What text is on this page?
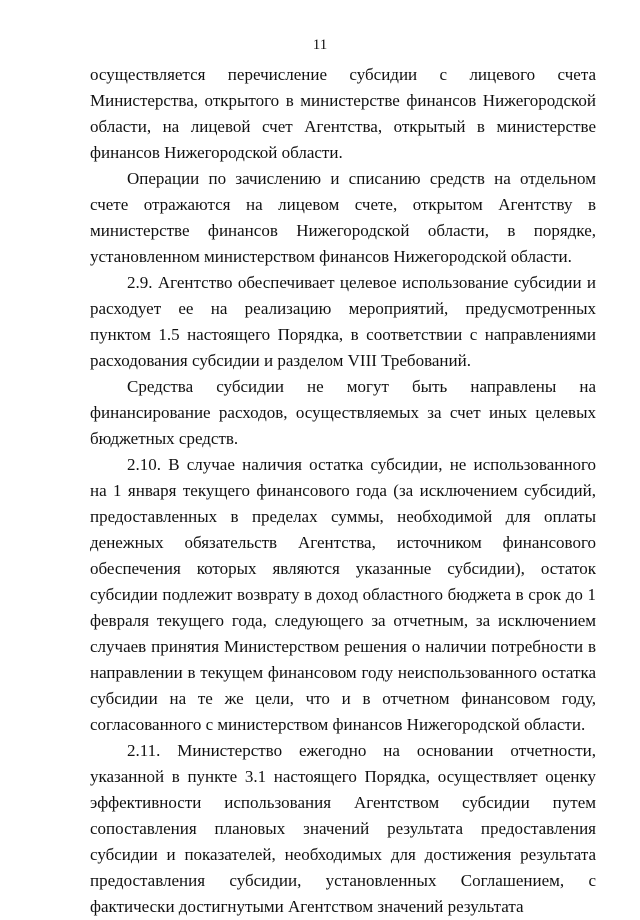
11

осуществляется перечисление субсидии с лицевого счета Министерства, открытого в министерстве финансов Нижегородской области, на лицевой счет Агентства, открытый в министерстве финансов Нижегородской области.

Операции по зачислению и списанию средств на отдельном счете отражаются на лицевом счете, открытом Агентству в министерстве финансов Нижегородской области, в порядке, установленном министерством финансов Нижегородской области.

2.9. Агентство обеспечивает целевое использование субсидии и расходует ее на реализацию мероприятий, предусмотренных пунктом 1.5 настоящего Порядка, в соответствии с направлениями расходования субсидии и разделом VIII Требований.

Средства субсидии не могут быть направлены на финансирование расходов, осуществляемых за счет иных целевых бюджетных средств.

2.10. В случае наличия остатка субсидии, не использованного на 1 января текущего финансового года (за исключением субсидий, предоставленных в пределах суммы, необходимой для оплаты денежных обязательств Агентства, источником финансового обеспечения которых являются указанные субсидии), остаток субсидии подлежит возврату в доход областного бюджета в срок до 1 февраля текущего года, следующего за отчетным, за исключением случаев принятия Министерством решения о наличии потребности в направлении в текущем финансовом году неиспользованного остатка субсидии на те же цели, что и в отчетном финансовом году, согласованного с министерством финансов Нижегородской области.

2.11. Министерство ежегодно на основании отчетности, указанной в пункте 3.1 настоящего Порядка, осуществляет оценку эффективности использования Агентством субсидии путем сопоставления плановых значений результата предоставления субсидии и показателей, необходимых для достижения результата предоставления субсидии, установленных Соглашением, с фактически достигнутыми Агентством значений результата
